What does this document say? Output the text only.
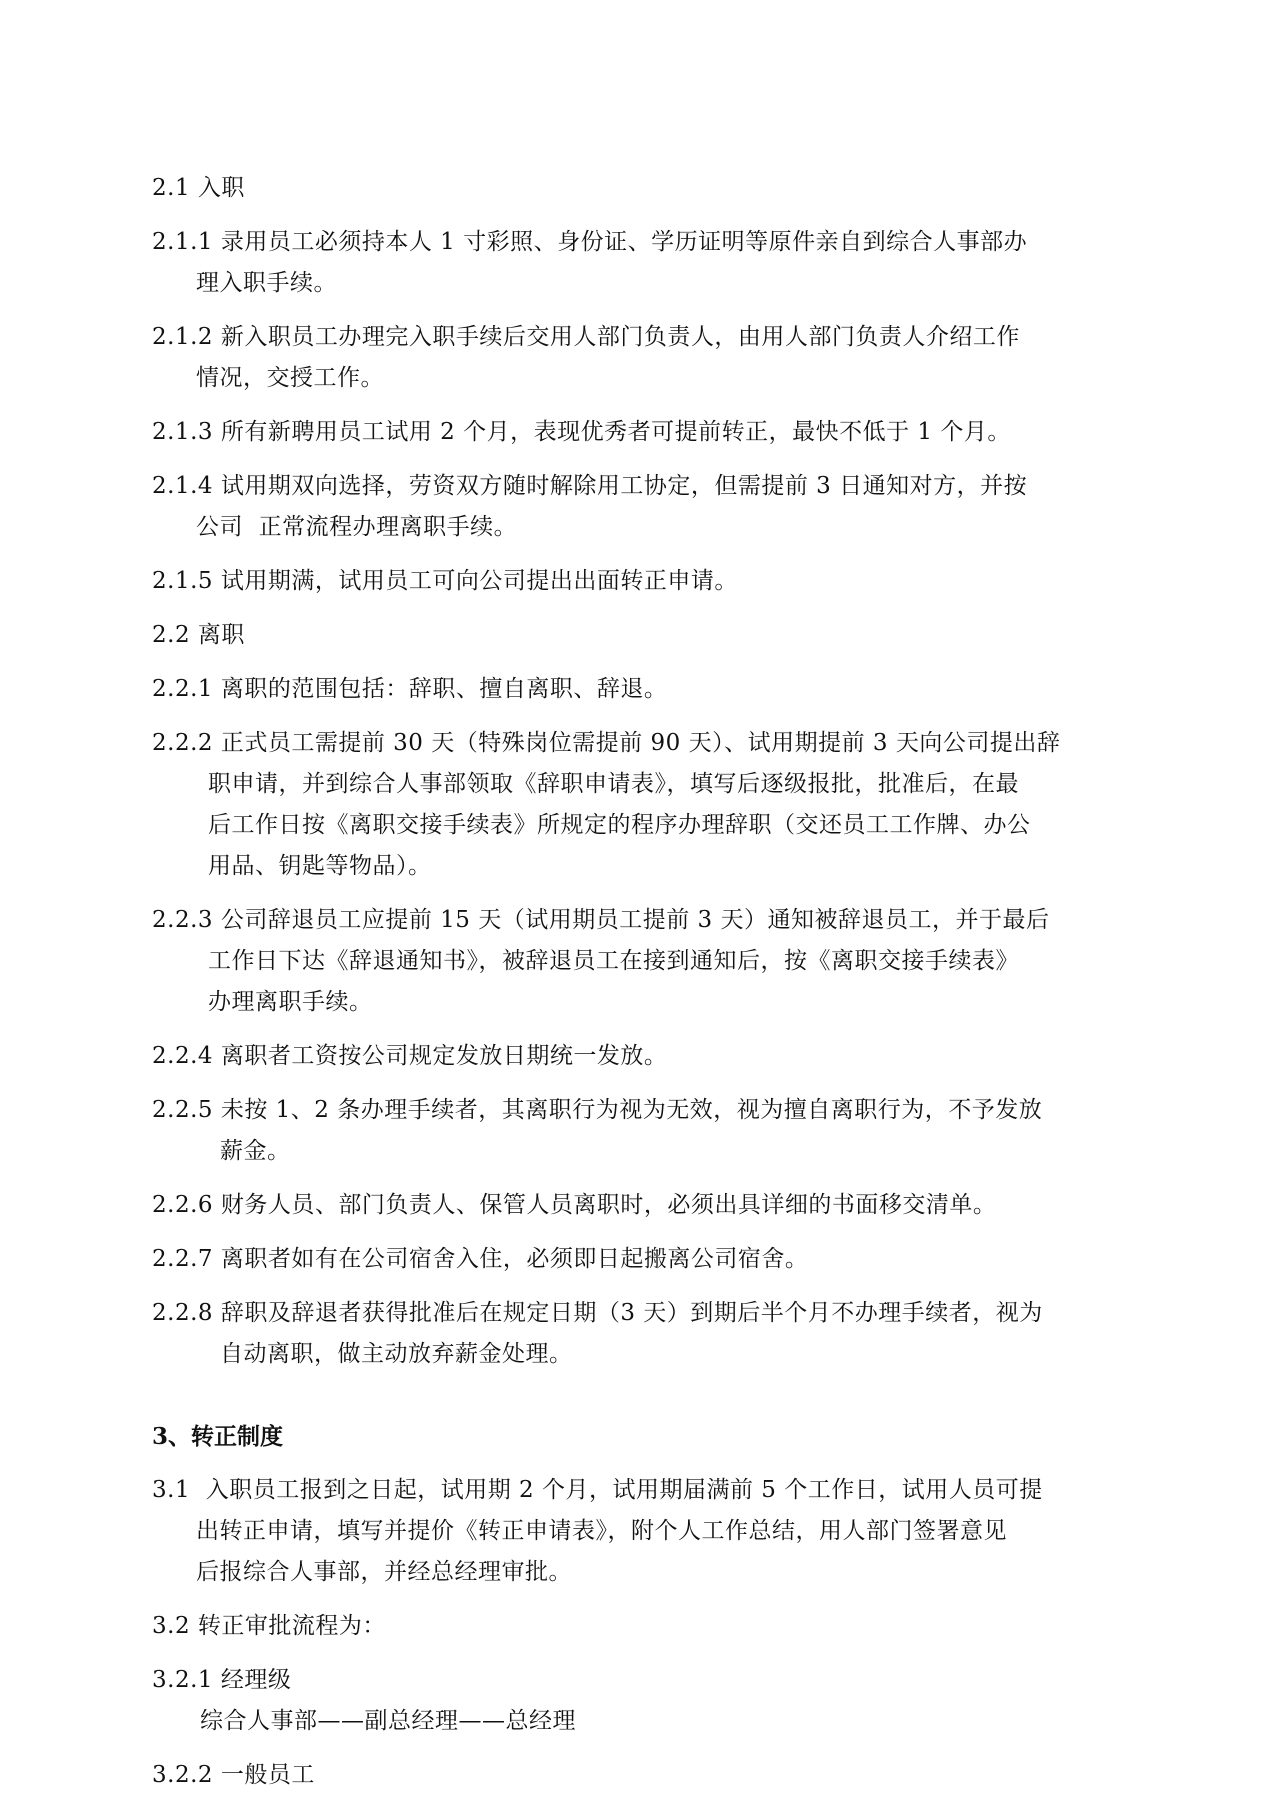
2.1 入职
2.1.1 录用员工必须持本人 1 寸彩照、身份证、学历证明等原件亲自到综合人事部办
理入职手续。
2.1.2 新入职员工办理完入职手续后交用人部门负责人，由用人部门负责人介绍工作
情况，交授工作。
2.1.3 所有新聘用员工试用 2 个月，表现优秀者可提前转正，最快不低于 1 个月。
2.1.4 试用期双向选择，劳资双方随时解除用工协定，但需提前 3 日通知对方，并按
公司  正常流程办理离职手续。
2.1.5 试用期满，试用员工可向公司提出出面转正申请。
2.2 离职
2.2.1 离职的范围包括：辞职、擅自离职、辞退。
2.2.2 正式员工需提前 30 天（特殊岗位需提前 90 天）、试用期提前 3 天向公司提出辞
职申请，并到综合人事部领取《辞职申请表》，填写后逐级报批，批准后，在最
后工作日按《离职交接手续表》所规定的程序办理辞职（交还员工工作牌、办公
用品、钥匙等物品）。
2.2.3 公司辞退员工应提前 15 天（试用期员工提前 3 天）通知被辞退员工，并于最后
工作日下达《辞退通知书》，被辞退员工在接到通知后，按《离职交接手续表》
办理离职手续。
2.2.4 离职者工资按公司规定发放日期统一发放。
2.2.5 未按 1、2 条办理手续者，其离职行为视为无效，视为擅自离职行为，不予发放
薪金。
2.2.6 财务人员、部门负责人、保管人员离职时，必须出具详细的书面移交清单。
2.2.7 离职者如有在公司宿舍入住，必须即日起搬离公司宿舍。
2.2.8 辞职及辞退者获得批准后在规定日期（3 天）到期后半个月不办理手续者，视为
自动离职，做主动放弃薪金处理。
3、转正制度
3.1  入职员工报到之日起，试用期 2 个月，试用期届满前 5 个工作日，试用人员可提
出转正申请，填写并提价《转正申请表》，附个人工作总结，用人部门签署意见
后报综合人事部，并经总经理审批。
3.2 转正审批流程为：
3.2.1 经理级
综合人事部——副总经理——总经理
3.2.2 一般员工
